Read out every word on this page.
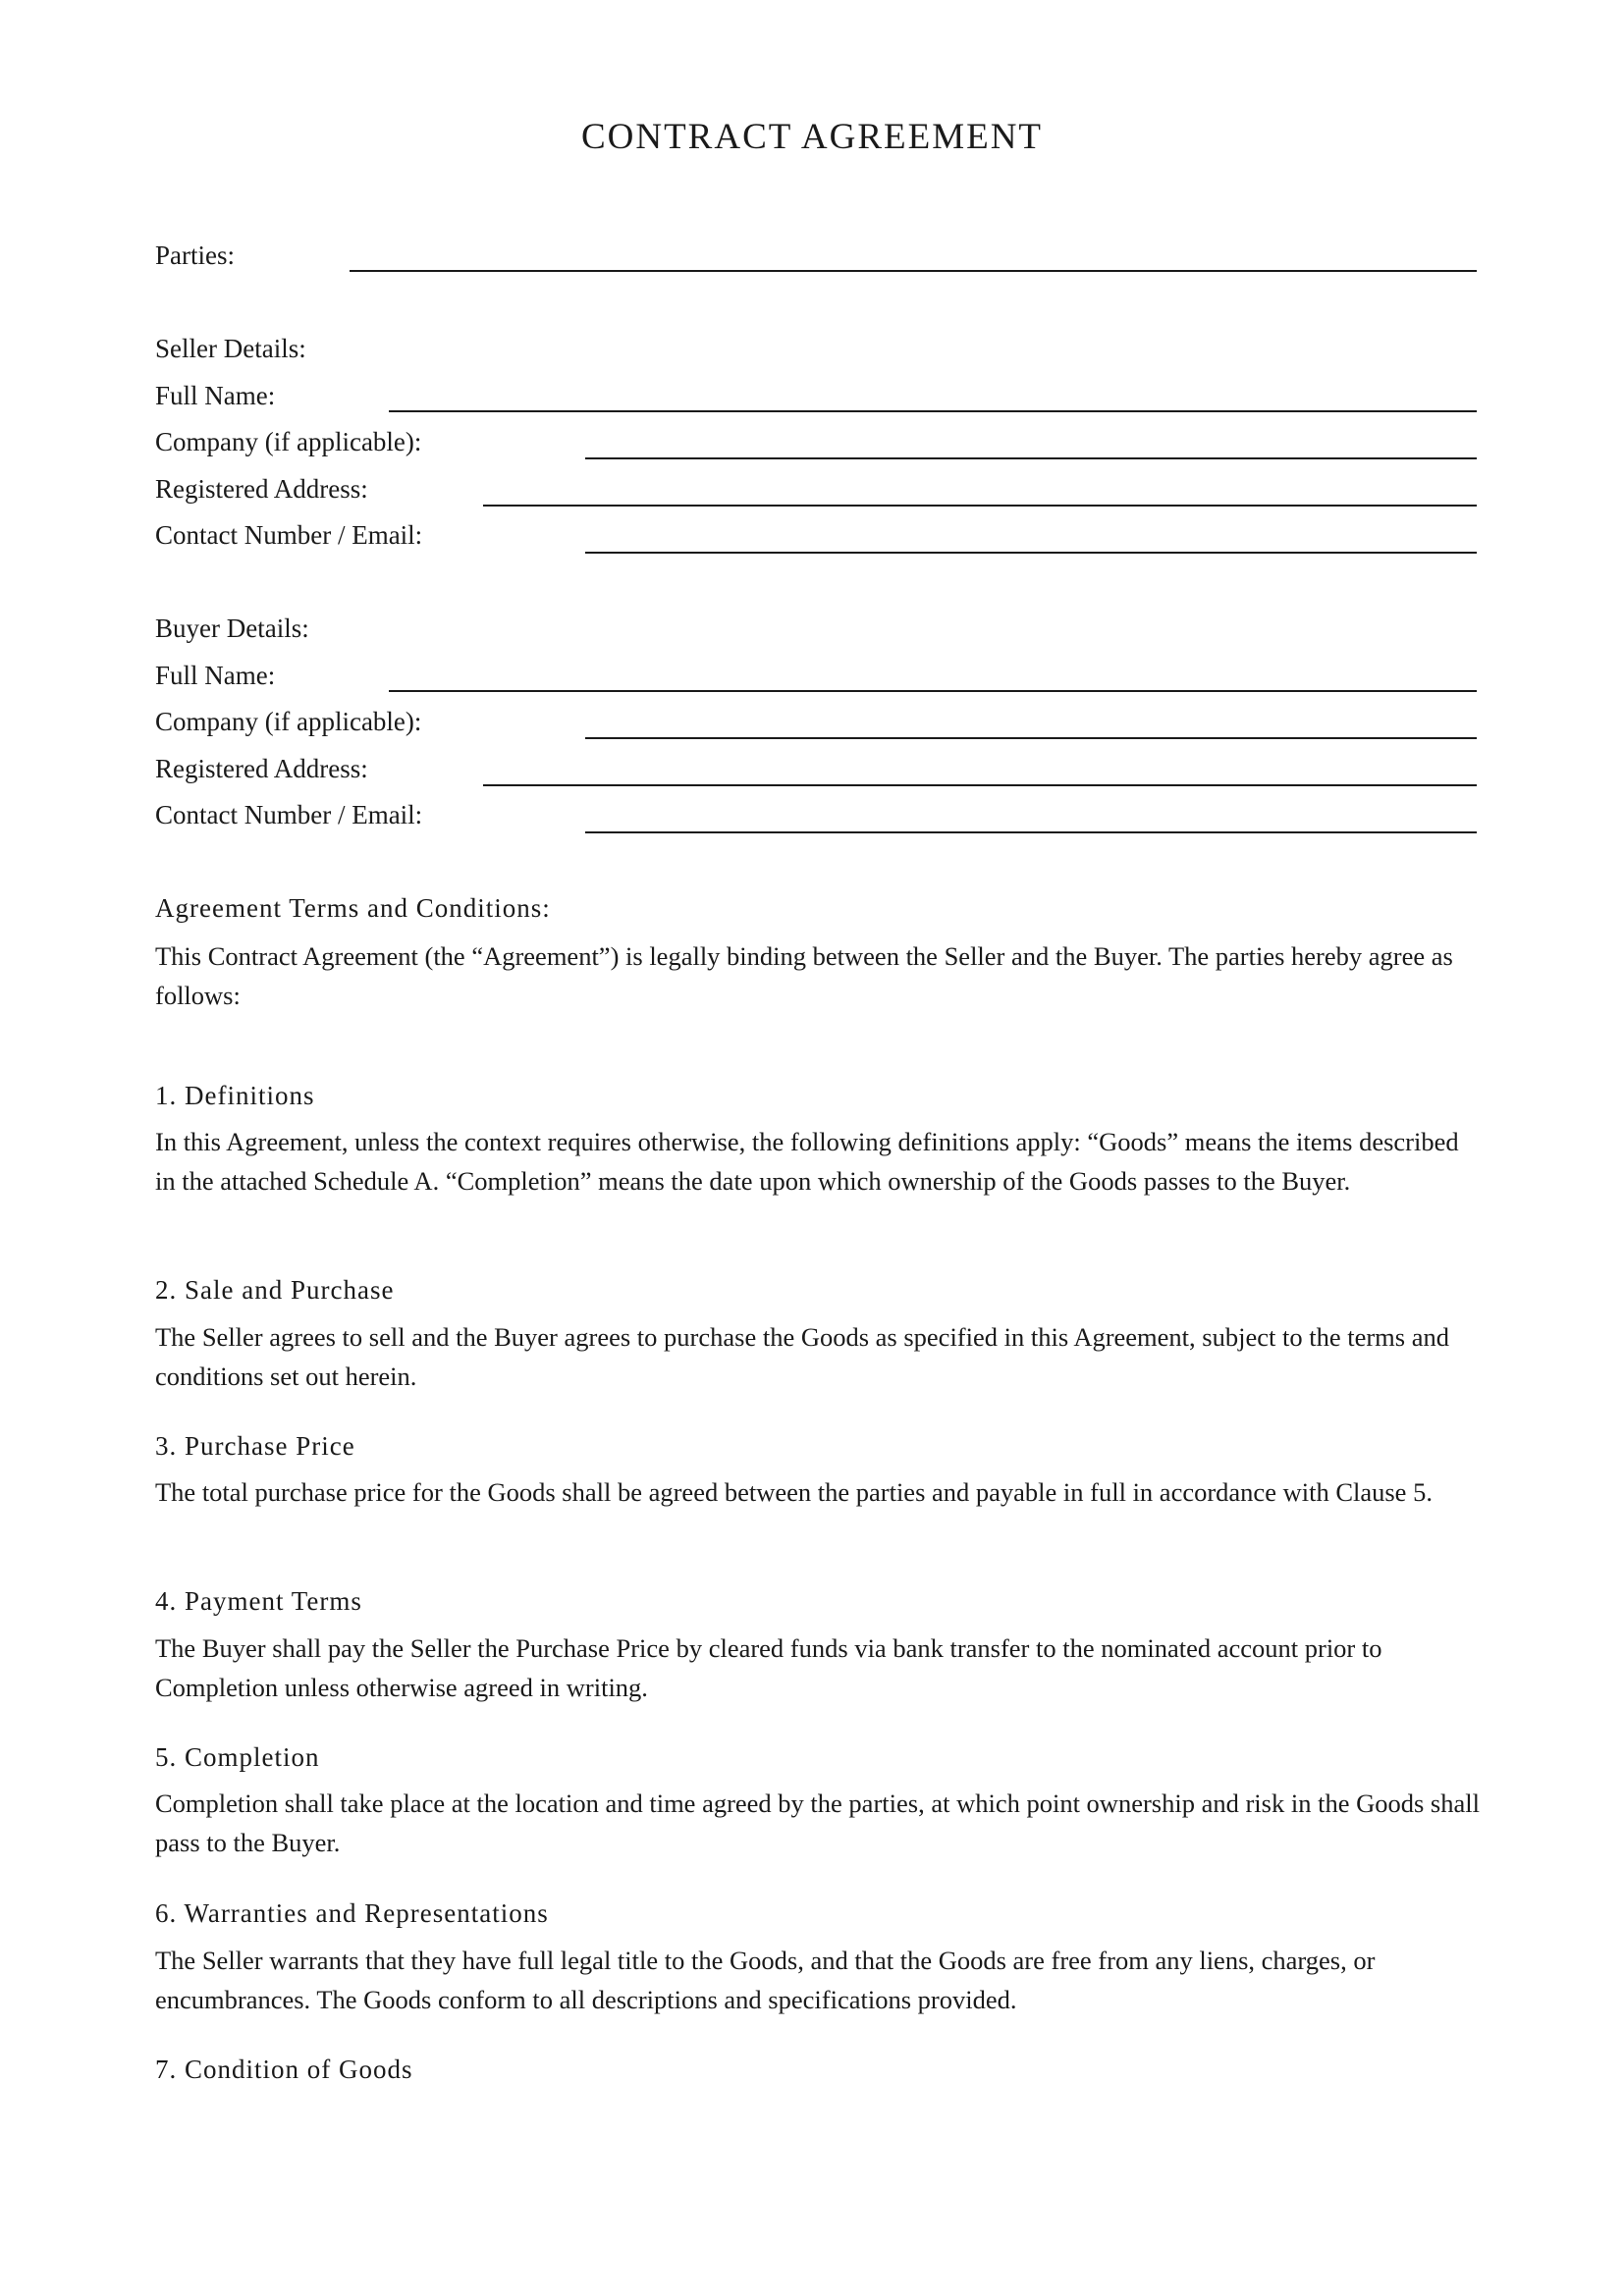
CONTRACT AGREEMENT
Parties:
Seller Details:
Full Name:
Company (if applicable):
Registered Address:
Contact Number / Email:
Buyer Details:
Full Name:
Company (if applicable):
Registered Address:
Contact Number / Email:
Agreement Terms and Conditions:

This Contract Agreement (the “Agreement”) is legally binding between the Seller and the Buyer. The parties hereby agree as follows:

1. Definitions

In this Agreement, unless the context requires otherwise, the following definitions apply: “Goods” means the items described in the attached Schedule A. “Completion” means the date upon which ownership of the Goods passes to the Buyer.

2. Sale and Purchase

The Seller agrees to sell and the Buyer agrees to purchase the Goods as specified in this Agreement, subject to the terms and conditions set out herein.

3. Purchase Price

The total purchase price for the Goods shall be agreed between the parties and payable in full in accordance with Clause 5.

4. Payment Terms

The Buyer shall pay the Seller the Purchase Price by cleared funds via bank transfer to the nominated account prior to Completion unless otherwise agreed in writing.

5. Completion

Completion shall take place at the location and time agreed by the parties, at which point ownership and risk in the Goods shall pass to the Buyer.

6. Warranties and Representations

The Seller warrants that they have full legal title to the Goods, and that the Goods are free from any liens, charges, or encumbrances. The Goods conform to all descriptions and specifications provided.

7. Condition of Goods
